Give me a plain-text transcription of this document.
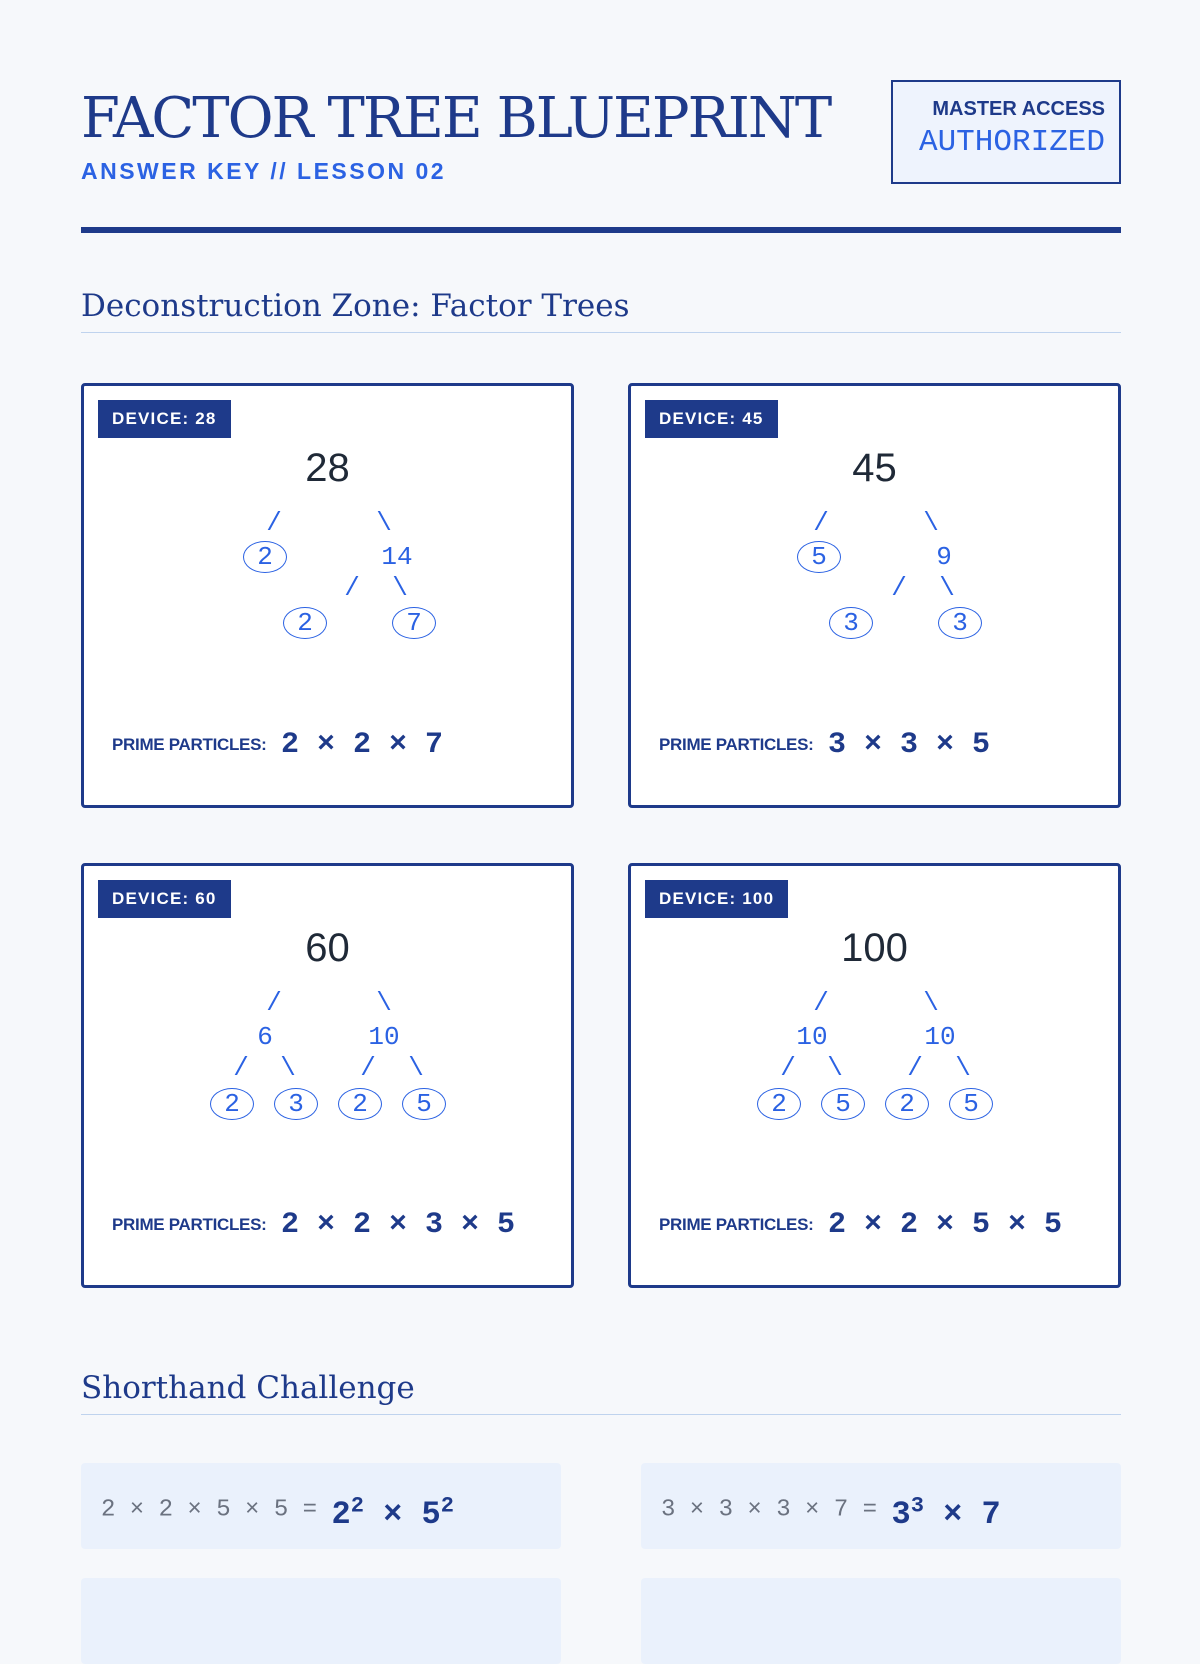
FACTOR TREE BLUEPRINT
ANSWER KEY // LESSON 02
MASTER ACCESS
AUTHORIZED
Deconstruction Zone: Factor Trees
DEVICE: 28
28
/	\
2	14
/ \
2	7
PRIME PARTICLES: 2 × 2 × 7
DEVICE: 45
45
/	\
5	9
/ \
3	3
PRIME PARTICLES: 3 × 3 × 5
DEVICE: 60
60
/	\
6	10
/ \ / \
2	3	2	5
PRIME PARTICLES: 2 × 2 × 3 × 5
DEVICE: 100
100
/	\
10	10
/ \ / \
2	5	2	5
PRIME PARTICLES: 2 × 2 × 5 × 5
Shorthand Challenge
$2 \times 2 \times 5 \times 5 = 2^2 \times 5^2$	$3 \times 3 \times 3 \times 7 = 3^3 \times 7$
